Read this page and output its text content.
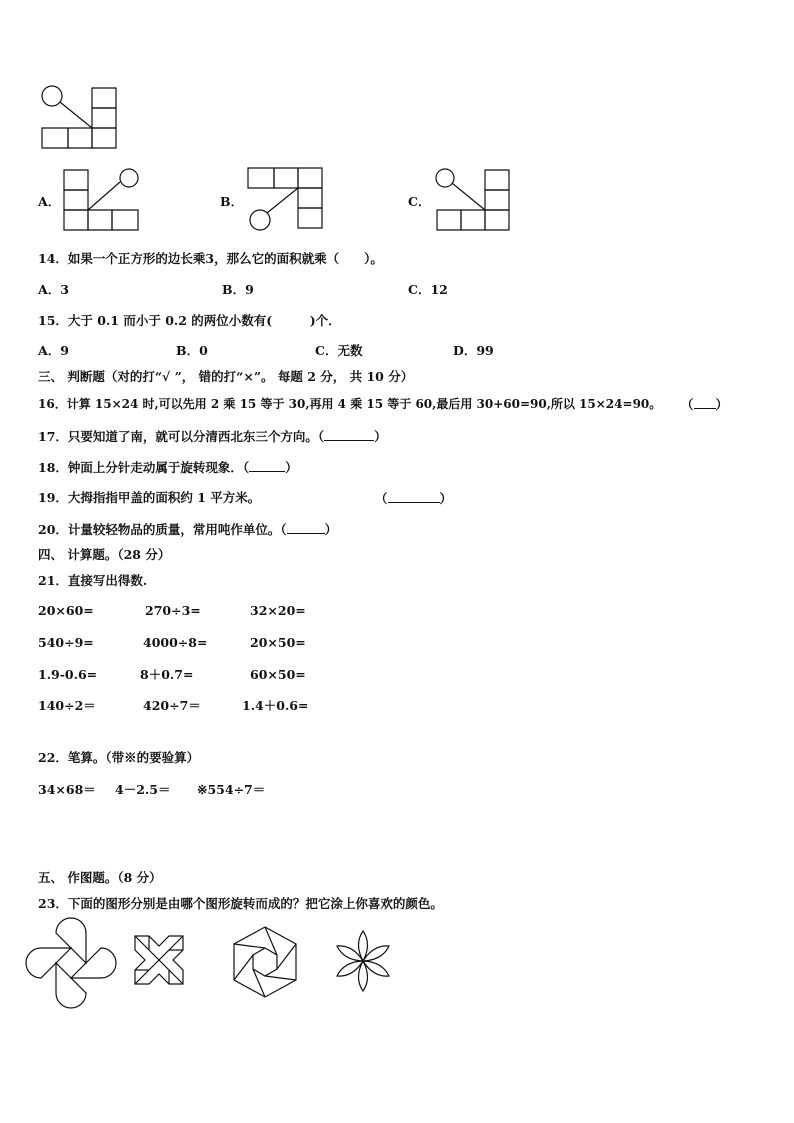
A．	B．	C．
14．如果一个正方形的边长乘3，那么它的面积就乘（　　）。
A．3	B．9	C．12
15．大于 0.1 而小于 0.2 的两位小数有(　　　)个．
A．9	B．0	C．无数	D．99
三、 判断题（对的打“√ ”， 错的打“×”。 每题 2 分， 共 10 分）
16．计算 15×24 时,可以先用 2 乘 15 等于 30,再用 4 乘 15 等于 60,最后用 30+60=90,所以 15×24=90。 （ ）
17．只要知道了南，就可以分清西北东三个方向。（	）
18．钟面上分针走动属于旋转现象．（	）
19．大拇指指甲盖的面积约 1 平方米。	（	）
20．计量较轻物品的质量，常用吨作单位。（	）
四、 计算题。（28 分）
21．直接写出得数.
20×60=	270÷3=	32×20=
540÷9=	4000÷8=	20×50=
1.9-0.6=	8＋0.7=	60×50=
140÷2＝	420÷7＝	1.4＋0.6=
22．笔算。（带※的要验算）
34×68＝ 4－2.5＝ ※554÷7＝
五、 作图题。（8 分）
23．下面的图形分别是由哪个图形旋转而成的？把它涂上你喜欢的颜色。
